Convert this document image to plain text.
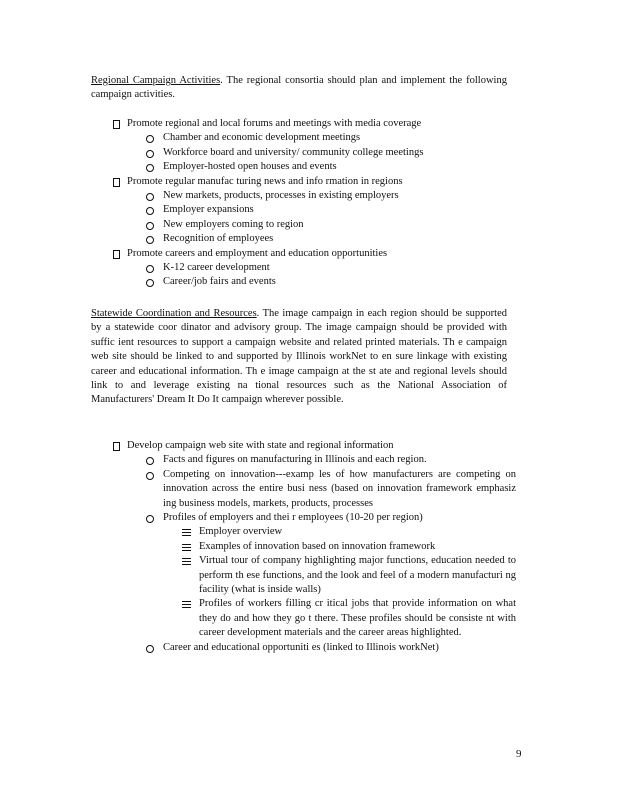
Regional Campaign Activities. The regional consortia should plan and implement the following campaign activities.
Promote regional and local forums and meetings with media coverage
Chamber and economic development meetings
Workforce board and university/ community college meetings
Employer-hosted open houses and events
Promote regular manufac turing news and info rmation in regions
New markets, products, processes in existing employers
Employer expansions
New employers coming to region
Recognition of employees
Promote careers and employment and education opportunities
K-12 career development
Career/job fairs and events
Statewide Coordination and Resources. The image campaign in each region should be supported by a statewide coor dinator and advisory group. The image campaign should be provided with suffic ient resources to support a campaign website and related printed materials. Th e campaign web site should be linked to and supported by Illinois workNet to en sure linkage with existing career and educational information. Th e image campaign at the st ate and regional levels should link to and leverage existing na tional resources such as the National Association of Manufacturers' Dream It Do It campaign wherever possible.
Develop campaign web site with state and regional information
Facts and figures on manufacturing in Illinois and each region.
Competing on innovation---examp les of how manufacturers are competing on innovation across the entire busi ness (based on innovation framework emphasiz ing business models, markets, products, processes
Profiles of employers and thei r employees (10-20 per region)
Employer overview
Examples of innovation based on innovation framework
Virtual tour of company highlighting major functions, education needed to perform th ese functions, and the look and feel of a modern manufacturi ng facility (what is inside walls)
Profiles of workers filling cr itical jobs that provide information on what they do and how they go t there. These profiles should be consiste nt with career development materials and the career areas highlighted.
Career and educational opportuniti es (linked to Illinois workNet)
9
